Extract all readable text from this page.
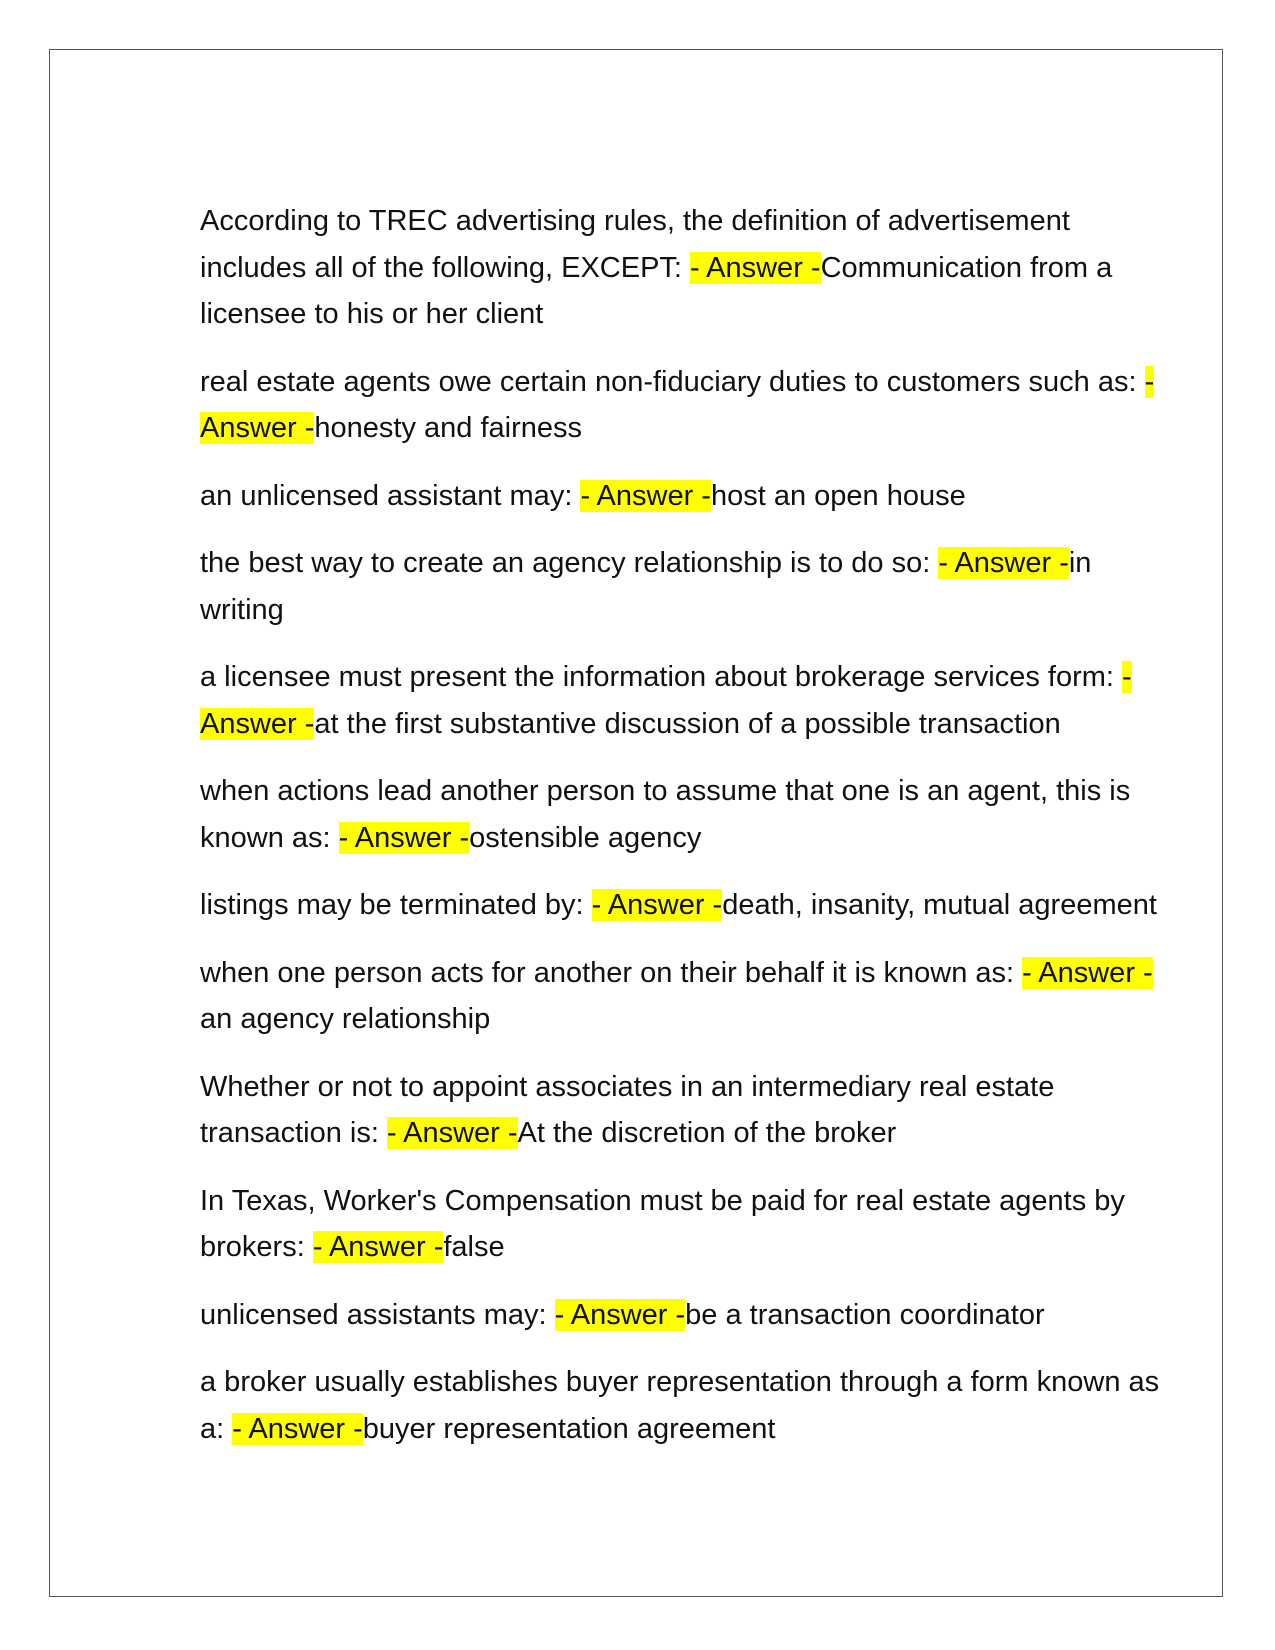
According to TREC advertising rules, the definition of advertisement includes all of the following, EXCEPT: - Answer -Communication from a licensee to his or her client

real estate agents owe certain non-fiduciary duties to customers such as: - Answer -honesty and fairness

an unlicensed assistant may: - Answer -host an open house

the best way to create an agency relationship is to do so: - Answer -in writing

a licensee must present the information about brokerage services form: - Answer -at the first substantive discussion of a possible transaction

when actions lead another person to assume that one is an agent, this is known as: - Answer -ostensible agency

listings may be terminated by: - Answer -death, insanity, mutual agreement

when one person acts for another on their behalf it is known as: - Answer -an agency relationship

Whether or not to appoint associates in an intermediary real estate transaction is: - Answer -At the discretion of the broker

In Texas, Worker's Compensation must be paid for real estate agents by brokers: - Answer -false

unlicensed assistants may: - Answer -be a transaction coordinator

a broker usually establishes buyer representation through a form known as a: - Answer -buyer representation agreement
